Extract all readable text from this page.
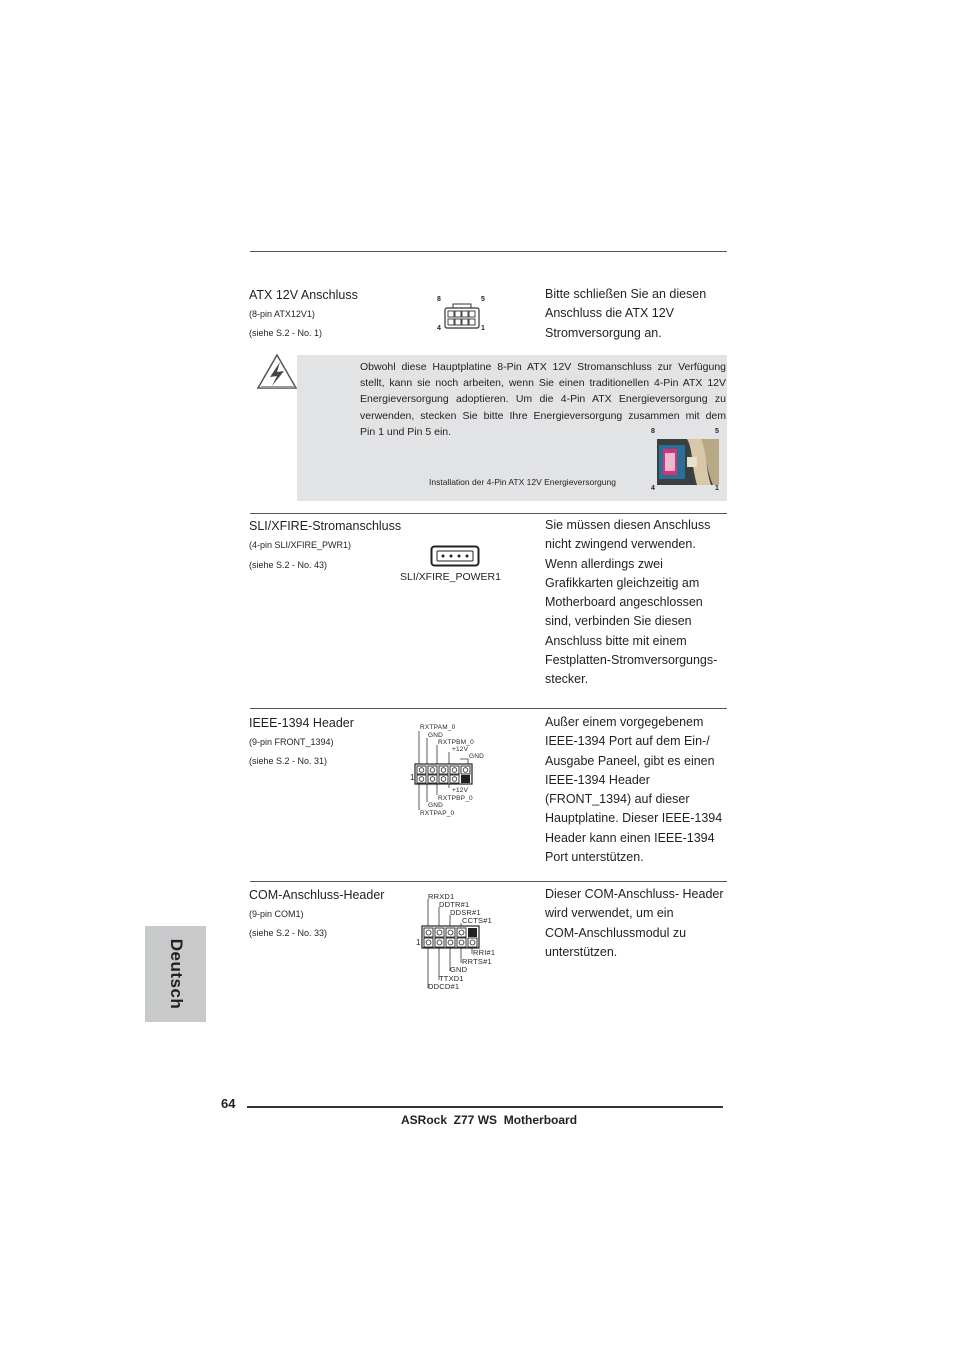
ATX 12V Anschluss
(8-pin ATX12V1)
(siehe S.2 - No. 1)
8	5
4	1
Bitte schließen Sie an diesen
Anschluss die ATX 12V
Stromversorgung an.
Obwohl diese Hauptplatine 8-Pin ATX 12V Stromanschluss zur Verfügung
stellt, kann sie noch arbeiten, wenn Sie einen traditionellen 4-Pin ATX 12V
Energieversorgung adoptieren. Um die 4-Pin ATX Energieversorgung zu
verwenden, stecken Sie bitte Ihre Energieversorgung zusammen mit dem
Pin 1 und Pin 5 ein.
Installation der 4-Pin ATX 12V Energieversorgung
8	5
4	1
SLI/XFIRE-Stromanschluss
(4-pin SLI/XFIRE_PWR1)
(siehe S.2 - No. 43)
SLI/XFIRE_POWER1
Sie müssen diesen Anschluss
nicht zwingend verwenden.
Wenn allerdings zwei
Grafikkarten gleichzeitig am
Motherboard angeschlossen
sind, verbinden Sie diesen
Anschluss bitte mit einem
Festplatten-Stromversorgungs-
stecker.
IEEE-1394 Header
(9-pin FRONT_1394)
(siehe S.2 - No. 31)
RXTPAM_0
GND
RXTPBM_0
+12V
GND
+12V
RXTPBP_0
GND
RXTPAP_0
1
Außer einem vorgegebenem
IEEE-1394 Port auf dem Ein-/
Ausgabe Paneel, gibt es einen
IEEE-1394 Header
(FRONT_1394) auf dieser
Hauptplatine. Dieser IEEE-1394
Header kann einen IEEE-1394
Port unterstützen.
COM-Anschluss-Header
(9-pin COM1)
(siehe S.2 - No. 33)
RRXD1
DDTR#1
DDSR#1
CCTS#1
RRI#1
RRTS#1
GND
TTXD1
DDCD#1
1
Dieser COM-Anschluss- Header
wird verwendet, um ein
COM-Anschlussmodul zu
unterstützen.
Deutsch
64
ASRock  Z77 WS  Motherboard
